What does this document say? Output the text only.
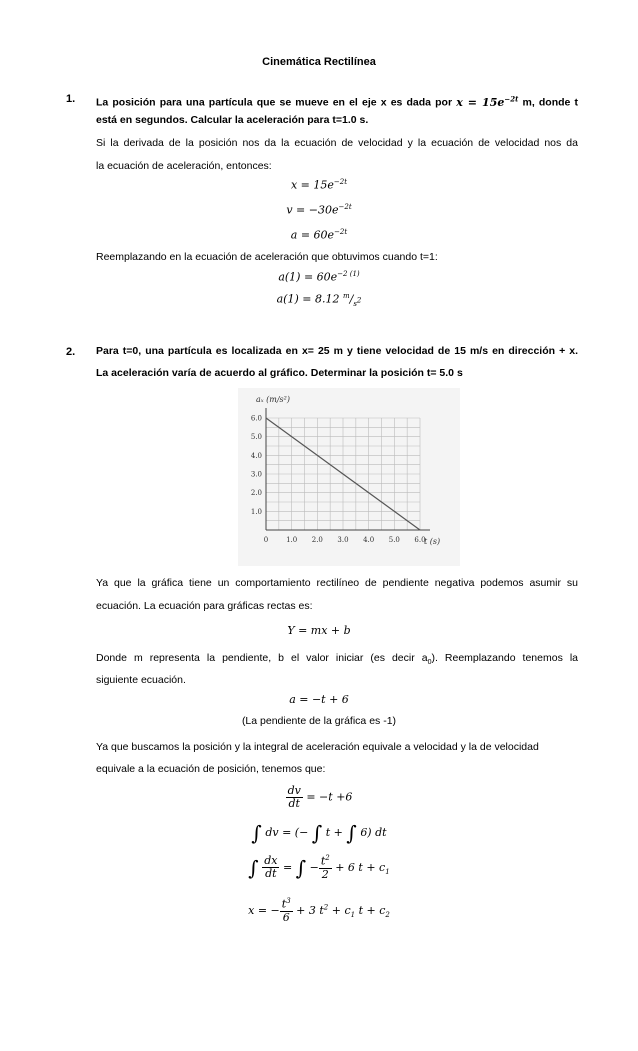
Cinemática Rectilínea
1. La posición para una partícula que se mueve en el eje x es dada por $x = 15e^{-2t}$ m, donde t
está en segundos. Calcular la aceleración para t=1.0 s.
Si la derivada de la posición nos da la ecuación de velocidad y la ecuación de velocidad nos da
la ecuación de aceleración, entonces:
$x = 15e^{-2t}$
$v = -30e^{-2t}$
$a = 60e^{-2t}$
Reemplazando en la ecuación de aceleración que obtuvimos cuando t=1:
$a(1) = 60e^{-2 (1)}$
a(1) = 8.12 $^m/_{s^2}$
2. Para t=0, una partícula es localizada en x= 25 m y tiene velocidad de 15 m/s en dirección + x.
La aceleración varía de acuerdo al gráfico. Determinar la posición t= 5.0 s
0	1.0 2.0 3.0 4.0 5.0 6.0
1.0
2.0
3.0
4.0
5.0
6.0
aₓ (m/s²)
t (s)
Ya que la gráfica tiene un comportamiento rectilíneo de pendiente negativa podemos asumir su
ecuación. La ecuación para gráficas rectas es:
Y = mx + b
Donde m representa la pendiente, b el valor iniciar (es decir $a_0$). Reemplazando tenemos la
siguiente ecuación.
a = −t + 6
(La pendiente de la gráfica es -1)
Ya que buscamos la posición y la integral de aceleración equivale a velocidad y la de velocidad
equivale a la ecuación de posición, tenemos que:
$\frac{dv}{dt} = -t +6$
∫ dv = (− ∫ t + ∫ 6) dt
∫ $\frac{dx}{dt}$ = ∫ − $\frac{t^2}{2} + 6$ $t + c_1$
x = − $\frac{t^3}{6} + 3$ $t^2 + c_1$ $t + c_2$
